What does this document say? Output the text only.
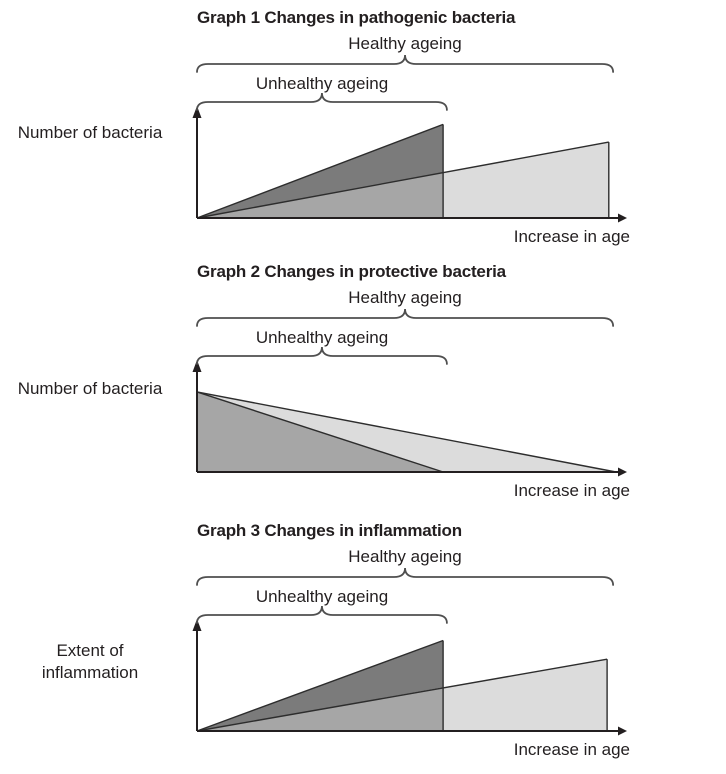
Graph 1 Changes in pathogenic bacteria
Healthy ageing
Unhealthy ageing
Number of bacteria
Increase in age
Graph 2 Changes in protective bacteria
Healthy ageing
Unhealthy ageing
Number of bacteria
Increase in age
Graph 3 Changes in inflammation
Healthy ageing
Unhealthy ageing
Extent of
inflammation
Increase in age
